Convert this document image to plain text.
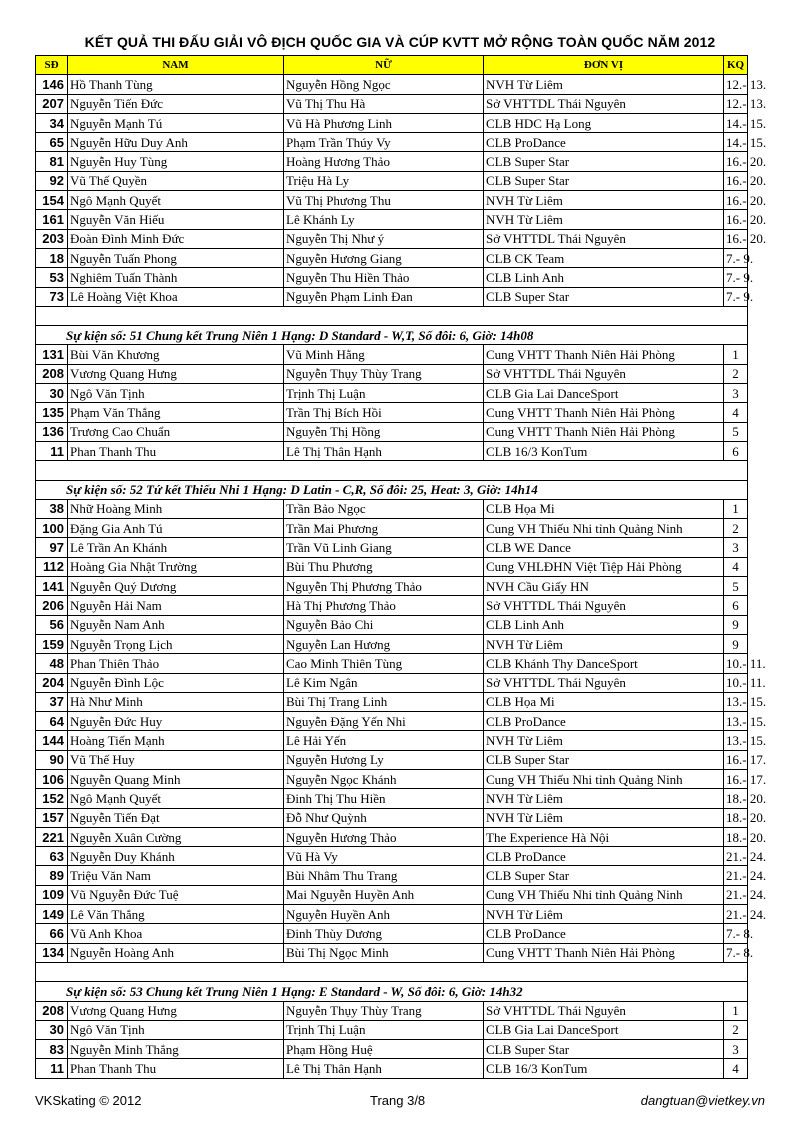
KẾT QUẢ THI ĐẤU GIẢI VÔ ĐỊCH QUỐC GIA VÀ CÚP KVTT MỞ RỘNG TOÀN QUỐC NĂM 2012
SĐ	NAM	NỮ	ĐƠN VỊ	KQ
146	Hồ Thanh Tùng	Nguyễn Hồng Ngọc	NVH Từ Liêm	12.- 13.
207	Nguyễn Tiến Đức	Vũ Thị Thu Hà	Sở VHTTDL Thái Nguyên	12.- 13.
34	Nguyễn Mạnh Tú	Vũ Hà Phương Linh	CLB HDC Hạ Long	14.- 15.
65	Nguyễn Hữu Duy Anh	Phạm Trần Thúy Vy	CLB ProDance	14.- 15.
81	Nguyễn Huy Tùng	Hoàng Hương Thảo	CLB Super Star	16.- 20.
92	Vũ Thế Quyền	Triệu Hà Ly	CLB Super Star	16.- 20.
154	Ngô Mạnh Quyết	Vũ Thị Phương Thu	NVH Từ Liêm	16.- 20.
161	Nguyễn Văn Hiếu	Lê Khánh Ly	NVH Từ Liêm	16.- 20.
203	Đoàn Đình Minh Đức	Nguyễn Thị Như ý	Sở VHTTDL Thái Nguyên	16.- 20.
18	Nguyễn Tuấn Phong	Nguyễn Hương Giang	CLB CK Team	7.- 9.
53	Nghiêm Tuấn Thành	Nguyễn Thu Hiền Thảo	CLB Linh Anh	7.- 9.
73	Lê Hoàng Việt Khoa	Nguyễn Phạm Linh Đan	CLB Super Star	7.- 9.

Sự kiện số: 51 Chung kết Trung Niên 1 Hạng: D Standard - W,T, Số đôi: 6, Giờ: 14h08				
131	Bùi Văn Khương	Vũ Minh Hằng	Cung VHTT Thanh Niên Hải Phòng	1
208	Vương Quang Hưng	Nguyễn Thụy Thùy Trang	Sở VHTTDL Thái Nguyên	2
30	Ngô Văn Tịnh	Trịnh Thị Luận	CLB Gia Lai DanceSport	3
135	Phạm Văn Thắng	Trần Thị Bích Hồi	Cung VHTT Thanh Niên Hải Phòng	4
136	Trương Cao Chuẩn	Nguyễn Thị Hồng	Cung VHTT Thanh Niên Hải Phòng	5
11	Phan Thanh Thu	Lê Thị Thân Hạnh	CLB 16/3 KonTum	6

Sự kiện số: 52 Tứ kết Thiếu Nhi 1 Hạng: D Latin - C,R, Số đôi: 25, Heat: 3, Giờ: 14h14				
38	Nhữ Hoàng Minh	Trần Bảo Ngọc	CLB Họa Mi	1
100	Đặng Gia Anh Tú	Trần Mai Phương	Cung VH Thiếu Nhi tỉnh Quảng Ninh	2
97	Lê Trần An Khánh	Trần Vũ Linh Giang	CLB WE Dance	3
112	Hoàng Gia Nhật Trường	Bùi Thu Phương	Cung VHLĐHN Việt Tiệp Hải Phòng	4
141	Nguyễn Quý Dương	Nguyễn Thị Phương Thảo	NVH Cầu Giấy HN	5
206	Nguyễn Hải Nam	Hà Thị Phương Thảo	Sở VHTTDL Thái Nguyên	6
56	Nguyễn Nam Anh	Nguyễn Bảo Chi	CLB Linh Anh	9
159	Nguyễn Trọng Lịch	Nguyễn Lan Hương	NVH Từ Liêm	9
48	Phan Thiên Thảo	Cao Minh Thiên Tùng	CLB Khánh Thy DanceSport	10.- 11.
204	Nguyễn Đình Lộc	Lê Kim Ngân	Sở VHTTDL Thái Nguyên	10.- 11.
37	Hà Như Minh	Bùi Thị Trang Linh	CLB Họa Mi	13.- 15.
64	Nguyễn Đức Huy	Nguyễn Đặng Yến Nhi	CLB ProDance	13.- 15.
144	Hoàng Tiến Mạnh	Lê Hải Yến	NVH Từ Liêm	13.- 15.
90	Vũ Thế Huy	Nguyễn Hương Ly	CLB Super Star	16.- 17.
106	Nguyễn Quang Minh	Nguyễn Ngọc Khánh	Cung VH Thiếu Nhi tỉnh Quảng Ninh	16.- 17.
152	Ngô Mạnh Quyết	Đinh Thị Thu Hiền	NVH Từ Liêm	18.- 20.
157	Nguyễn Tiến Đạt	Đỗ Như Quỳnh	NVH Từ Liêm	18.- 20.
221	Nguyễn Xuân Cường	Nguyễn Hương Thảo	The Experience Hà Nội	18.- 20.
63	Nguyễn Duy Khánh	Vũ Hà Vy	CLB ProDance	21.- 24.
89	Triệu Văn Nam	Bùi Nhâm Thu Trang	CLB Super Star	21.- 24.
109	Vũ Nguyễn Đức Tuệ	Mai Nguyễn Huyền Anh	Cung VH Thiếu Nhi tỉnh Quảng Ninh	21.- 24.
149	Lê Văn Thắng	Nguyễn Huyền Anh	NVH Từ Liêm	21.- 24.
66	Vũ Anh Khoa	Đinh Thùy Dương	CLB ProDance	7.- 8.
134	Nguyễn Hoàng Anh	Bùi Thị Ngọc Minh	Cung VHTT Thanh Niên Hải Phòng	7.- 8.

Sự kiện số: 53 Chung kết Trung Niên 1 Hạng: E Standard - W, Số đôi: 6, Giờ: 14h32				
208	Vương Quang Hưng	Nguyễn Thụy Thùy Trang	Sở VHTTDL Thái Nguyên	1
30	Ngô Văn Tịnh	Trịnh Thị Luận	CLB Gia Lai DanceSport	2
83	Nguyễn Minh Thắng	Phạm Hồng Huệ	CLB Super Star	3
11	Phan Thanh Thu	Lê Thị Thân Hạnh	CLB 16/3 KonTum	4
VKSkating © 2012	Trang 3/8	dangtuan@vietkey.vn
